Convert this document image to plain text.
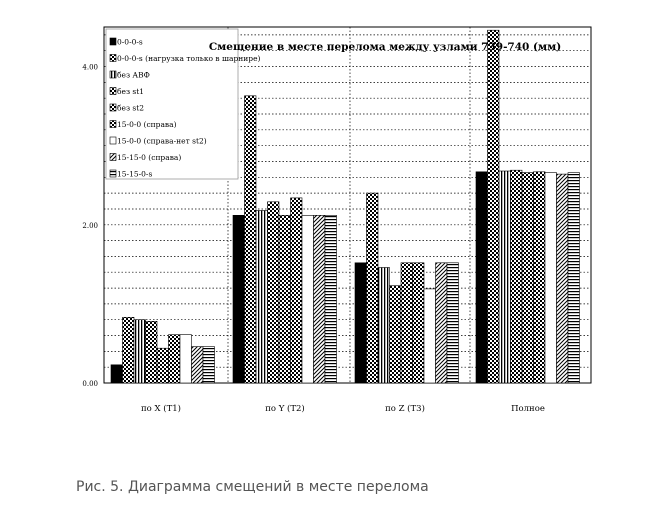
0.00
2.00
4.00
по X (T1)	по Y (T2)	по Z (T3)	Полное
0-0-0-s
0-0-0-s (нагрузка только в шарнире)
без АВФ
без st1
без st2
15-0-0 (справа)
15-0-0 (справа-нет st2)
15-15-0 (справа)
15-15-0-s
Смещение в месте перелома между узлами 739-740 (мм)

Рис. 5. Диаграмма смещений в месте перелома
